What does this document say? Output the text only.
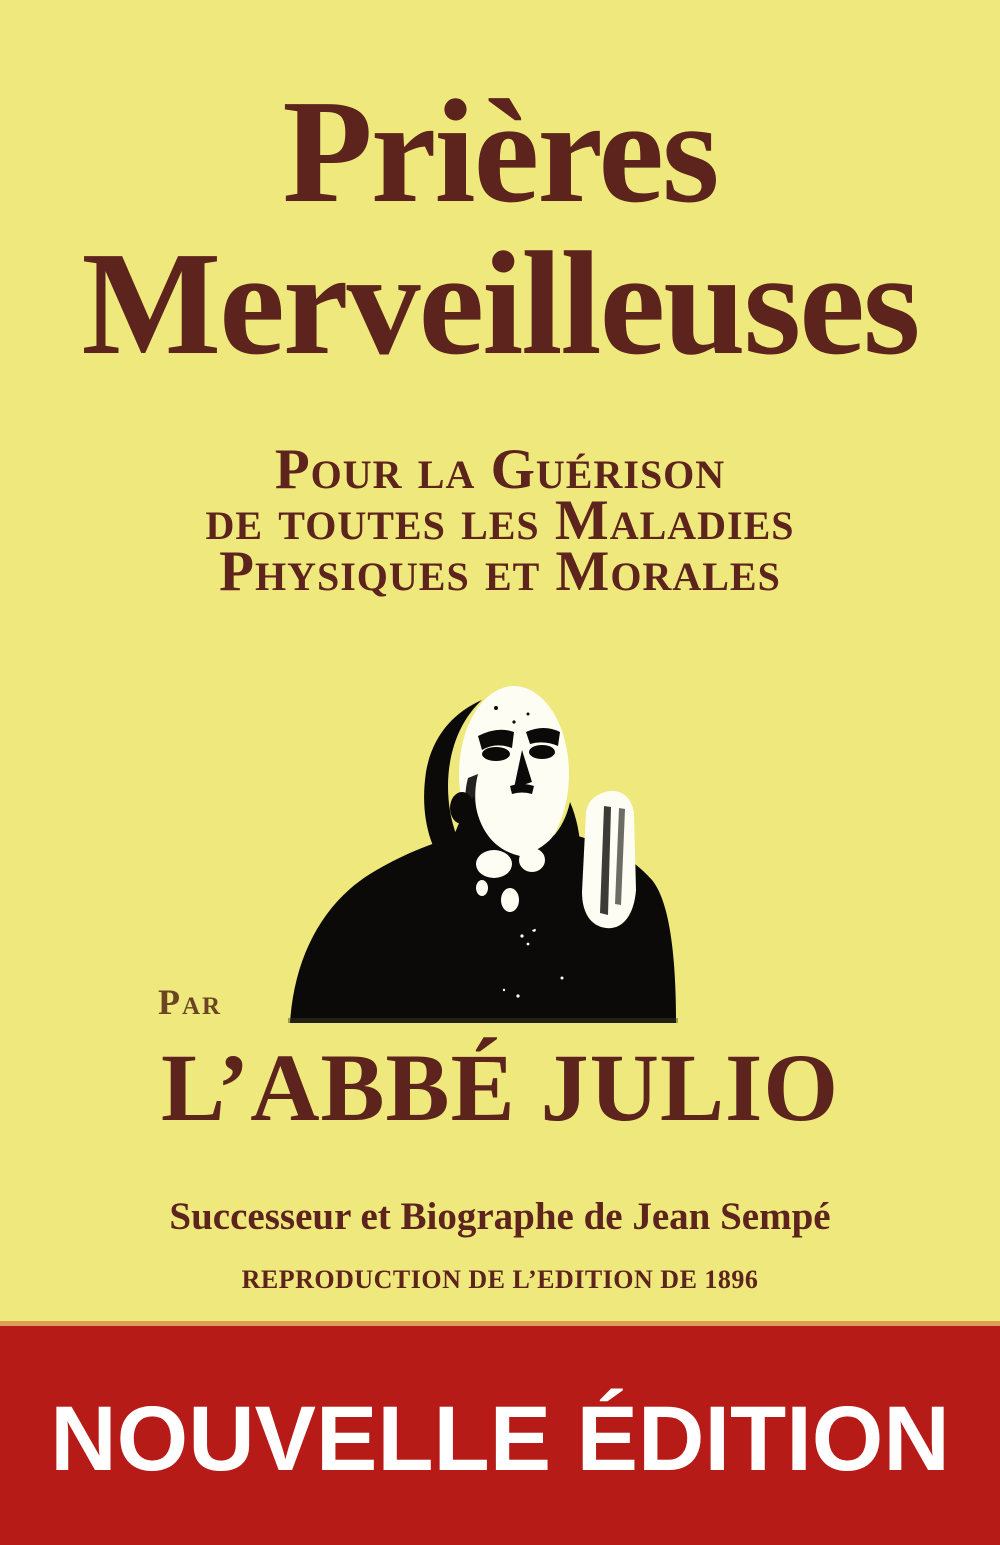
Prières
Merveilleuses
Pour la Guérison
de toutes les Maladies
Physiques et Morales
Par
L’ABBÉ JULIO
Successeur et Biographe de Jean Sempé
REPRODUCTION DE L’EDITION DE 1896
NOUVELLE ÉDITION
